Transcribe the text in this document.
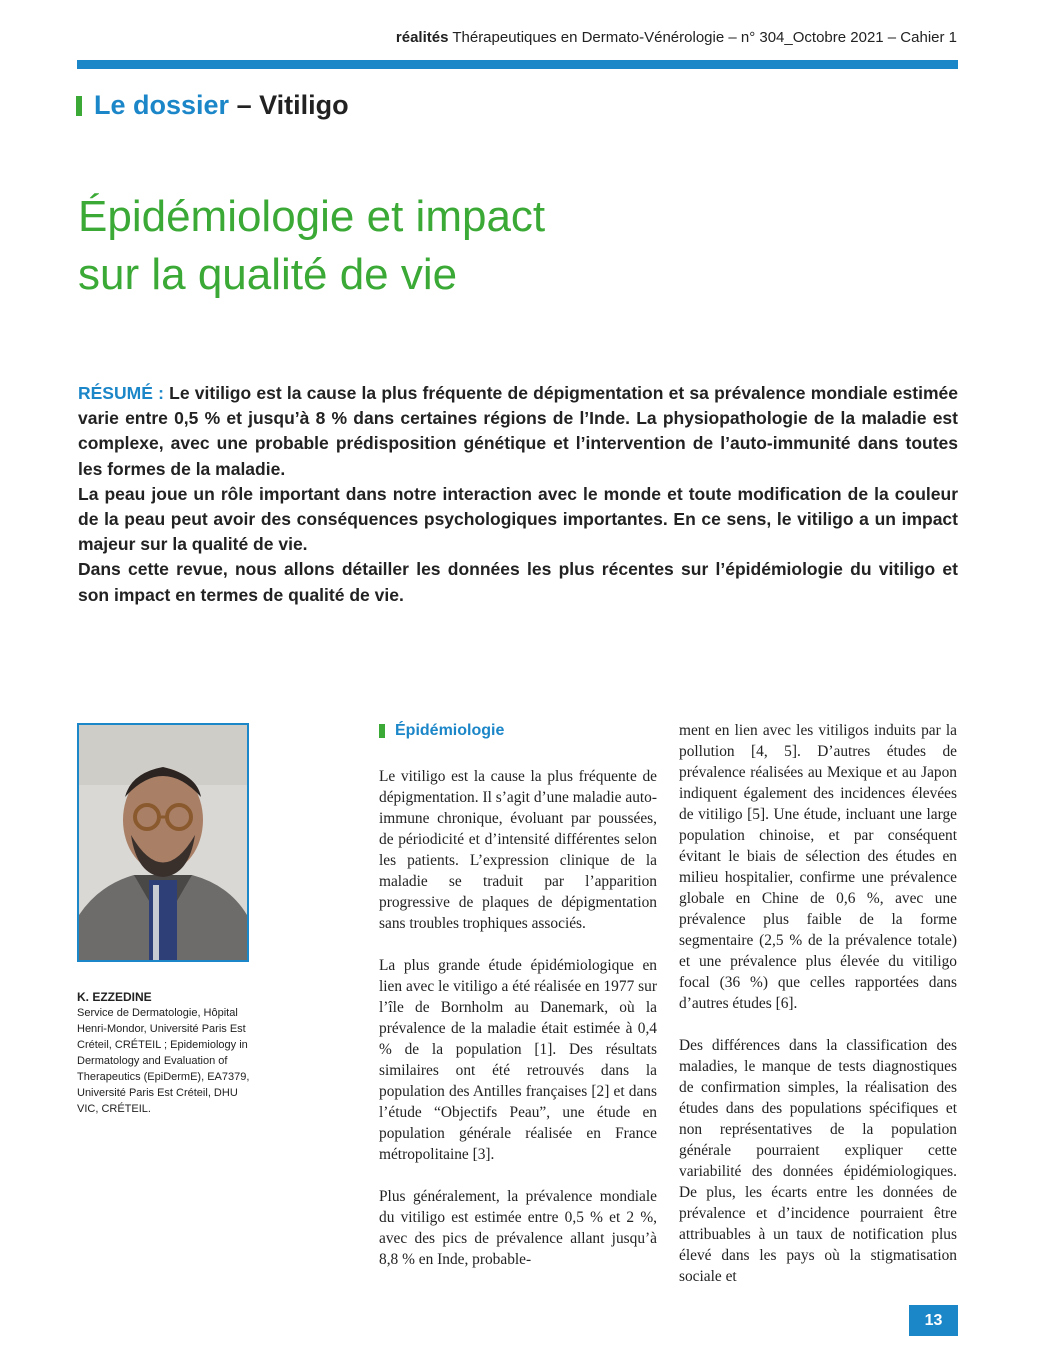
réalités Thérapeutiques en Dermato-Vénérologie – n° 304_Octobre 2021 – Cahier 1
Le dossier
–
Vitiligo
Épidémiologie et impact
sur la qualité de vie

RÉSUMÉ : Le vitiligo est la cause la plus fréquente de dépigmentation et sa prévalence mondiale estimée varie entre 0,5 % et jusqu’à 8 % dans certaines régions de l’Inde. La physiopathologie de la maladie est complexe, avec une probable prédisposition génétique et l’intervention de l’auto-immunité dans toutes les formes de la maladie.

La peau joue un rôle important dans notre interaction avec le monde et toute modification de la couleur de la peau peut avoir des conséquences psychologiques importantes. En ce sens, le vitiligo a un impact majeur sur la qualité de vie.

Dans cette revue, nous allons détailler les données les plus récentes sur l’épidémiologie du vitiligo et son impact en termes de qualité de vie.

K. EZZEDINE
Service de Dermatologie, Hôpital Henri-Mondor, Université Paris Est Créteil, CRÉTEIL ; Epidemiology in Dermatology and Evaluation of Therapeutics (EpiDermE), EA7379, Université Paris Est Créteil, DHU VIC, CRÉTEIL.
Épidémiologie

Le vitiligo est la cause la plus fréquente de dépigmentation. Il s’agit d’une maladie auto-immune chronique, évoluant par poussées, de périodicité et d’intensité différentes selon les patients. L’expression clinique de la maladie se traduit par l’apparition progressive de plaques de dépigmentation sans troubles trophiques associés.

La plus grande étude épidémiologique en lien avec le vitiligo a été réalisée en 1977 sur l’île de Bornholm au Danemark, où la prévalence de la maladie était estimée à 0,4 % de la population [1]. Des résultats similaires ont été retrouvés dans la population des Antilles françaises [2] et dans l’étude “Objectifs Peau”, une étude en population générale réalisée en France métropolitaine [3].

Plus généralement, la prévalence mondiale du vitiligo est estimée entre 0,5 % et 2 %, avec des pics de prévalence allant jusqu’à 8,8 % en Inde, probable-

ment en lien avec les vitiligos induits par la pollution [4, 5]. D’autres études de prévalence réalisées au Mexique et au Japon indiquent également des incidences élevées de vitiligo [5]. Une étude, incluant une large population chinoise, et par conséquent évitant le biais de sélection des études en milieu hospitalier, confirme une prévalence globale en Chine de 0,6 %, avec une prévalence plus faible de la forme segmentaire (2,5 % de la prévalence totale) et une prévalence plus élevée du vitiligo focal (36 %) que celles rapportées dans d’autres études [6].

Des différences dans la classification des maladies, le manque de tests diagnostiques de confirmation simples, la réalisation des études dans des populations spécifiques et non représentatives de la population générale pourraient expliquer cette variabilité des données épidémiologiques. De plus, les écarts entre les données de prévalence et d’incidence pourraient être attribuables à un taux de notification plus élevé dans les pays où la stigmatisation sociale et

13
